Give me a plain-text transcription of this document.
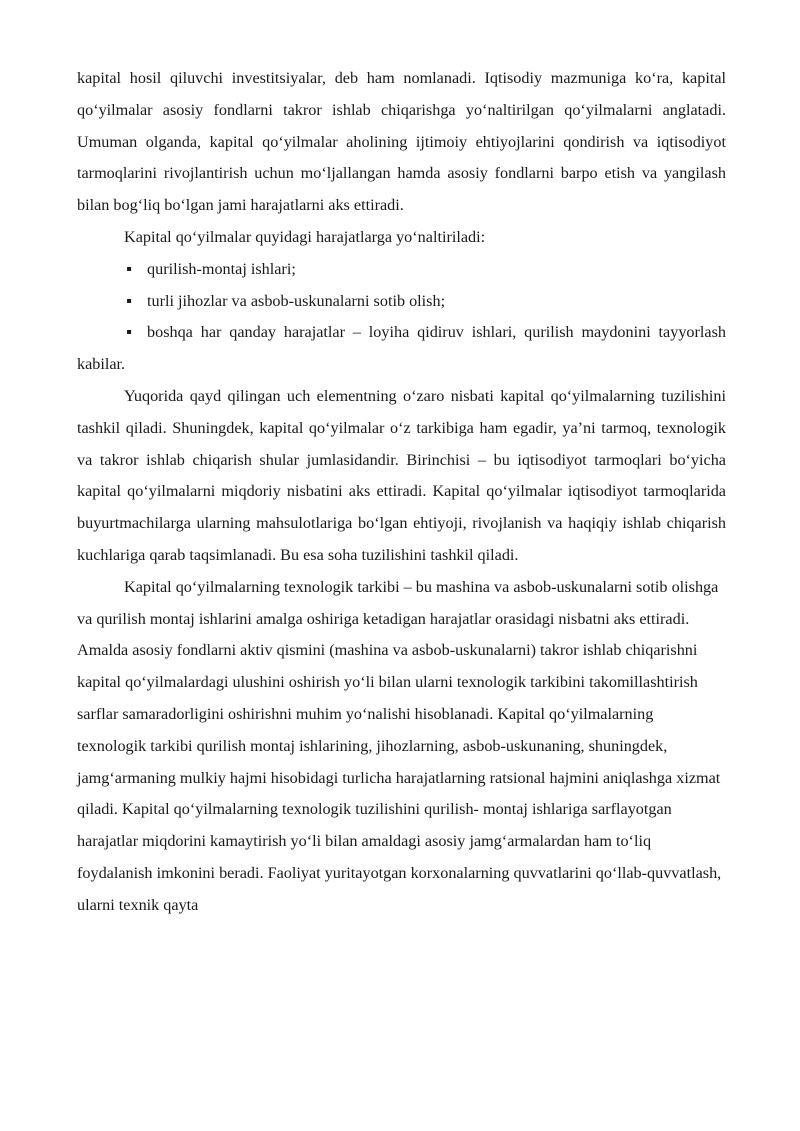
kapital hosil qiluvchi investitsiyalar, deb ham nomlanadi. Iqtisodiy mazmuniga ko‘ra, kapital qo‘yilmalar asosiy fondlarni takror ishlab chiqarishga yo‘naltirilgan qo‘yilmalarni anglatadi. Umuman olganda, kapital qo‘yilmalar aholining ijtimoiy ehtiyojlarini qondirish va iqtisodiyot tarmoqlarini rivojlantirish uchun mo‘ljallangan hamda asosiy fondlarni barpo etish va yangilash bilan bog‘liq bo‘lgan jami harajatlarni aks ettiradi.

Kapital qo‘yilmalar quyidagi harajatlarga yo‘naltiriladi:

▪ qurilish-montaj ishlari;
▪ turli jihozlar va asbob-uskunalarni sotib olish;
▪ boshqa har qanday harajatlar – loyiha qidiruv ishlari, qurilish maydonini tayyorlash kabilar.

Yuqorida qayd qilingan uch elementning o‘zaro nisbati kapital qo‘yilmalarning tuzilishini tashkil qiladi. Shuningdek, kapital qo‘yilmalar o‘z tarkibiga ham egadir, ya’ni tarmoq, texnologik va takror ishlab chiqarish shular jumlasidandir. Birinchisi – bu iqtisodiyot tarmoqlari bo‘yicha kapital qo‘yilmalarni miqdoriy nisbatini aks ettiradi. Kapital qo‘yilmalar iqtisodiyot tarmoqlarida buyurtmachilarga ularning mahsulotlariga bo‘lgan ehtiyoji, rivojlanish va haqiqiy ishlab chiqarish kuchlariga qarab taqsimlanadi. Bu esa soha tuzilishini tashkil qiladi.

Kapital qo‘yilmalarning texnologik tarkibi – bu mashina va asbob-uskunalarni sotib olishga va qurilish montaj ishlarini amalga oshiriga ketadigan harajatlar orasidagi nisbatni aks ettiradi. Amalda asosiy fondlarni aktiv qismini (mashina va asbob-uskunalarni) takror ishlab chiqarishni kapital qo‘yilmalardagi ulushini oshirish yo‘li bilan ularni texnologik tarkibini takomillashtirish sarflar samaradorligini oshirishni muhim yo‘nalishi hisoblanadi. Kapital qo‘yilmalarning texnologik tarkibi qurilish montaj ishlarining, jihozlarning, asbob-uskunaning, shuningdek, jamg‘armaning mulkiy hajmi hisobidagi turlicha harajatlarning ratsional hajmini aniqlashga xizmat qiladi. Kapital qo‘yilmalarning texnologik tuzilishini qurilish- montaj ishlariga sarflayotgan harajatlar miqdorini kamaytirish yo‘li bilan amaldagi asosiy jamg‘armalardan ham to‘liq foydalanish imkonini beradi. Faoliyat yuritayotgan korxonalarning quvvatlarini qo‘llab-quvvatlash, ularni texnik qayta
